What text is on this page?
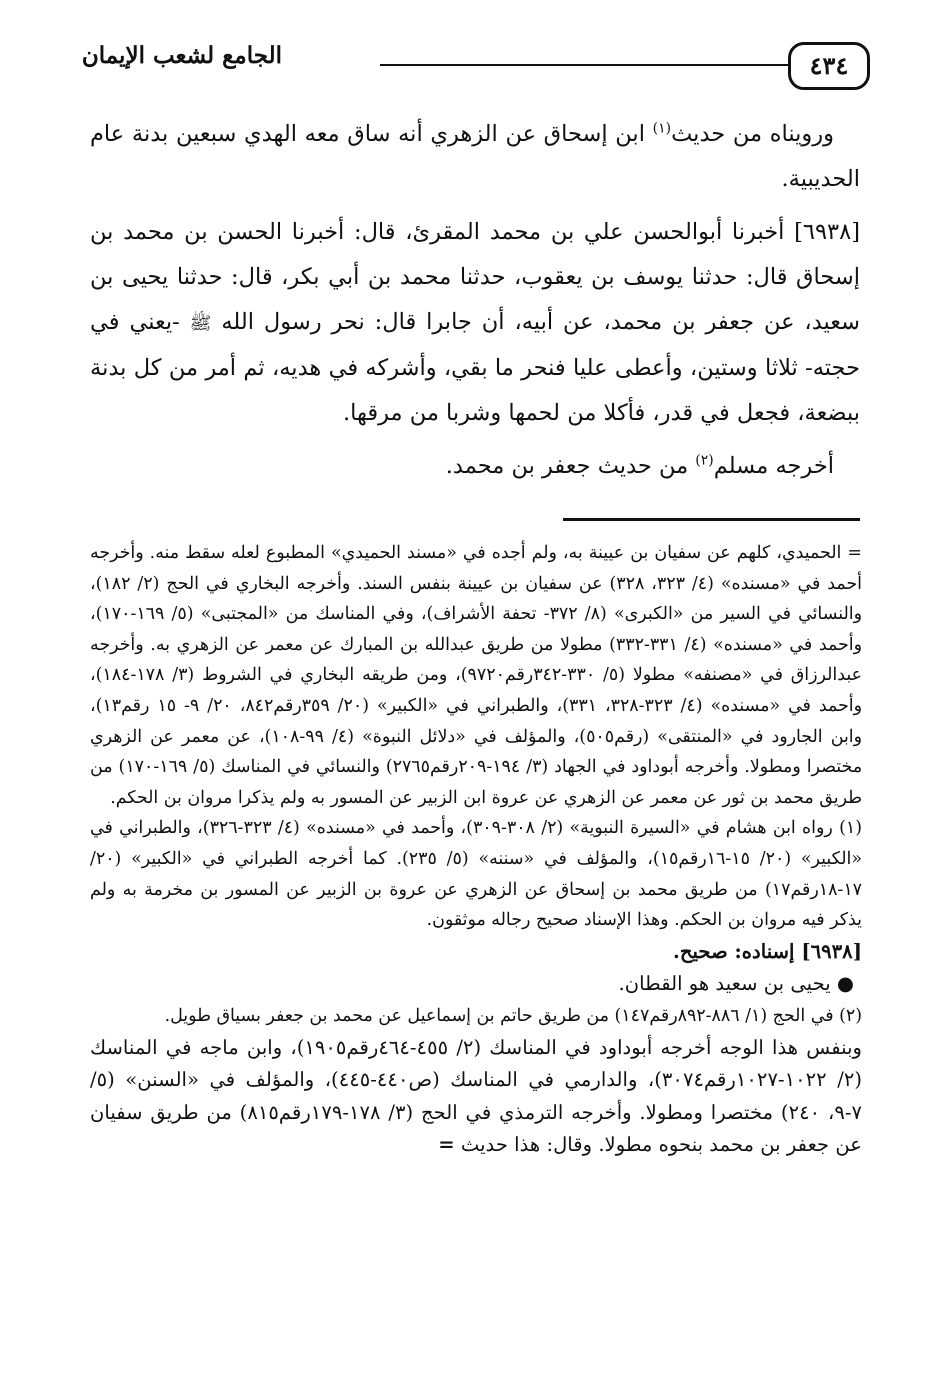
الجامع لشعب الإيمان	٤٣٤

ورويناه من حديث$^{(١)}$ ابن إسحاق عن الزهري أنه ساق معه الهدي سبعين بدنة عام الحديبية.

[٦٩٣٨] أخبرنا أبوالحسن علي بن محمد المقرئ، قال: أخبرنا الحسن بن محمد بن إسحاق قال: حدثنا يوسف بن يعقوب، حدثنا محمد بن أبي بكر، قال: حدثنا يحيى بن سعيد، عن جعفر بن محمد، عن أبيه، أن جابرا قال: نحر رسول الله ﷺ -يعني في حجته- ثلاثا وستين، وأعطى عليا فنحر ما بقي، وأشركه في هديه، ثم أمر من كل بدنة ببضعة، فجعل في قدر، فأكلا من لحمها وشربا من مرقها.

أخرجه مسلم$^{(٢)}$ من حديث جعفر بن محمد.

= الحميدي، كلهم عن سفيان بن عيينة به، ولم أجده في «مسند الحميدي» المطبوع لعله سقط منه. وأخرجه أحمد في «مسنده» (٤/ ٣٢٣، ٣٢٨) عن سفيان بن عيينة بنفس السند. وأخرجه البخاري في الحج (٢/ ١٨٢)، والنسائي في السير من «الكبرى» (٨/ ٣٧٢- تحفة الأشراف)، وفي المناسك من «المجتبى» (٥/ ١٦٩-١٧٠)، وأحمد في «مسنده» (٤/ ٣٣١-٣٣٢) مطولا من طريق عبدالله بن المبارك عن معمر عن الزهري به. وأخرجه عبدالرزاق في «مصنفه» مطولا (٥/ ٣٣٠-٣٤٢رقم٩٧٢٠)، ومن طريقه البخاري في الشروط (٣/ ١٧٨-١٨٤)، وأحمد في «مسنده» (٤/ ٣٢٣-٣٢٨، ٣٣١)، والطبراني في «الكبير» (٢٠/ ٣٥٩رقم٨٤٢، ٢٠/ ٩- ١٥ رقم١٣)، وابن الجارود في «المنتقى» (رقم٥٠٥)، والمؤلف في «دلائل النبوة» (٤/ ٩٩-١٠٨)، عن معمر عن الزهري مختصرا ومطولا. وأخرجه أبوداود في الجهاد (٣/ ١٩٤-٢٠٩رقم٢٧٦٥) والنسائي في المناسك (٥/ ١٦٩-١٧٠) من طريق محمد بن ثور عن معمر عن الزهري عن عروة ابن الزبير عن المسور به ولم يذكرا مروان بن الحكم.

(١) رواه ابن هشام في «السيرة النبوية» (٢/ ٣٠٨-٣٠٩)، وأحمد في «مسنده» (٤/ ٣٢٣-٣٢٦)، والطبراني في «الكبير» (٢٠/ ١٥-١٦رقم١٥)، والمؤلف في «سننه» (٥/ ٢٣٥). كما أخرجه الطبراني في «الكبير» (٢٠/ ١٧-١٨رقم١٧) من طريق محمد بن إسحاق عن الزهري عن عروة بن الزبير عن المسور بن مخرمة به ولم يذكر فيه مروان بن الحكم. وهذا الإسناد صحيح رجاله موثقون.

[٦٩٣٨] إسناده: صحيح.

● يحيى بن سعيد هو القطان.

(٢) في الحج (١/ ٨٨٦-٨٩٢رقم١٤٧) من طريق حاتم بن إسماعيل عن محمد بن جعفر بسياق طويل.

وبنفس هذا الوجه أخرجه أبوداود في المناسك (٢/ ٤٥٥-٤٦٤رقم١٩٠٥)، وابن ماجه في المناسك (٢/ ١٠٢٢-١٠٢٧رقم٣٠٧٤)، والدارمي في المناسك (ص٤٤٠-٤٤٥)، والمؤلف في «السنن» (٥/ ٧-٩، ٢٤٠) مختصرا ومطولا. وأخرجه الترمذي في الحج (٣/ ١٧٨-١٧٩رقم٨١٥) من طريق سفيان عن جعفر بن محمد بنحوه مطولا. وقال: هذا حديث =
